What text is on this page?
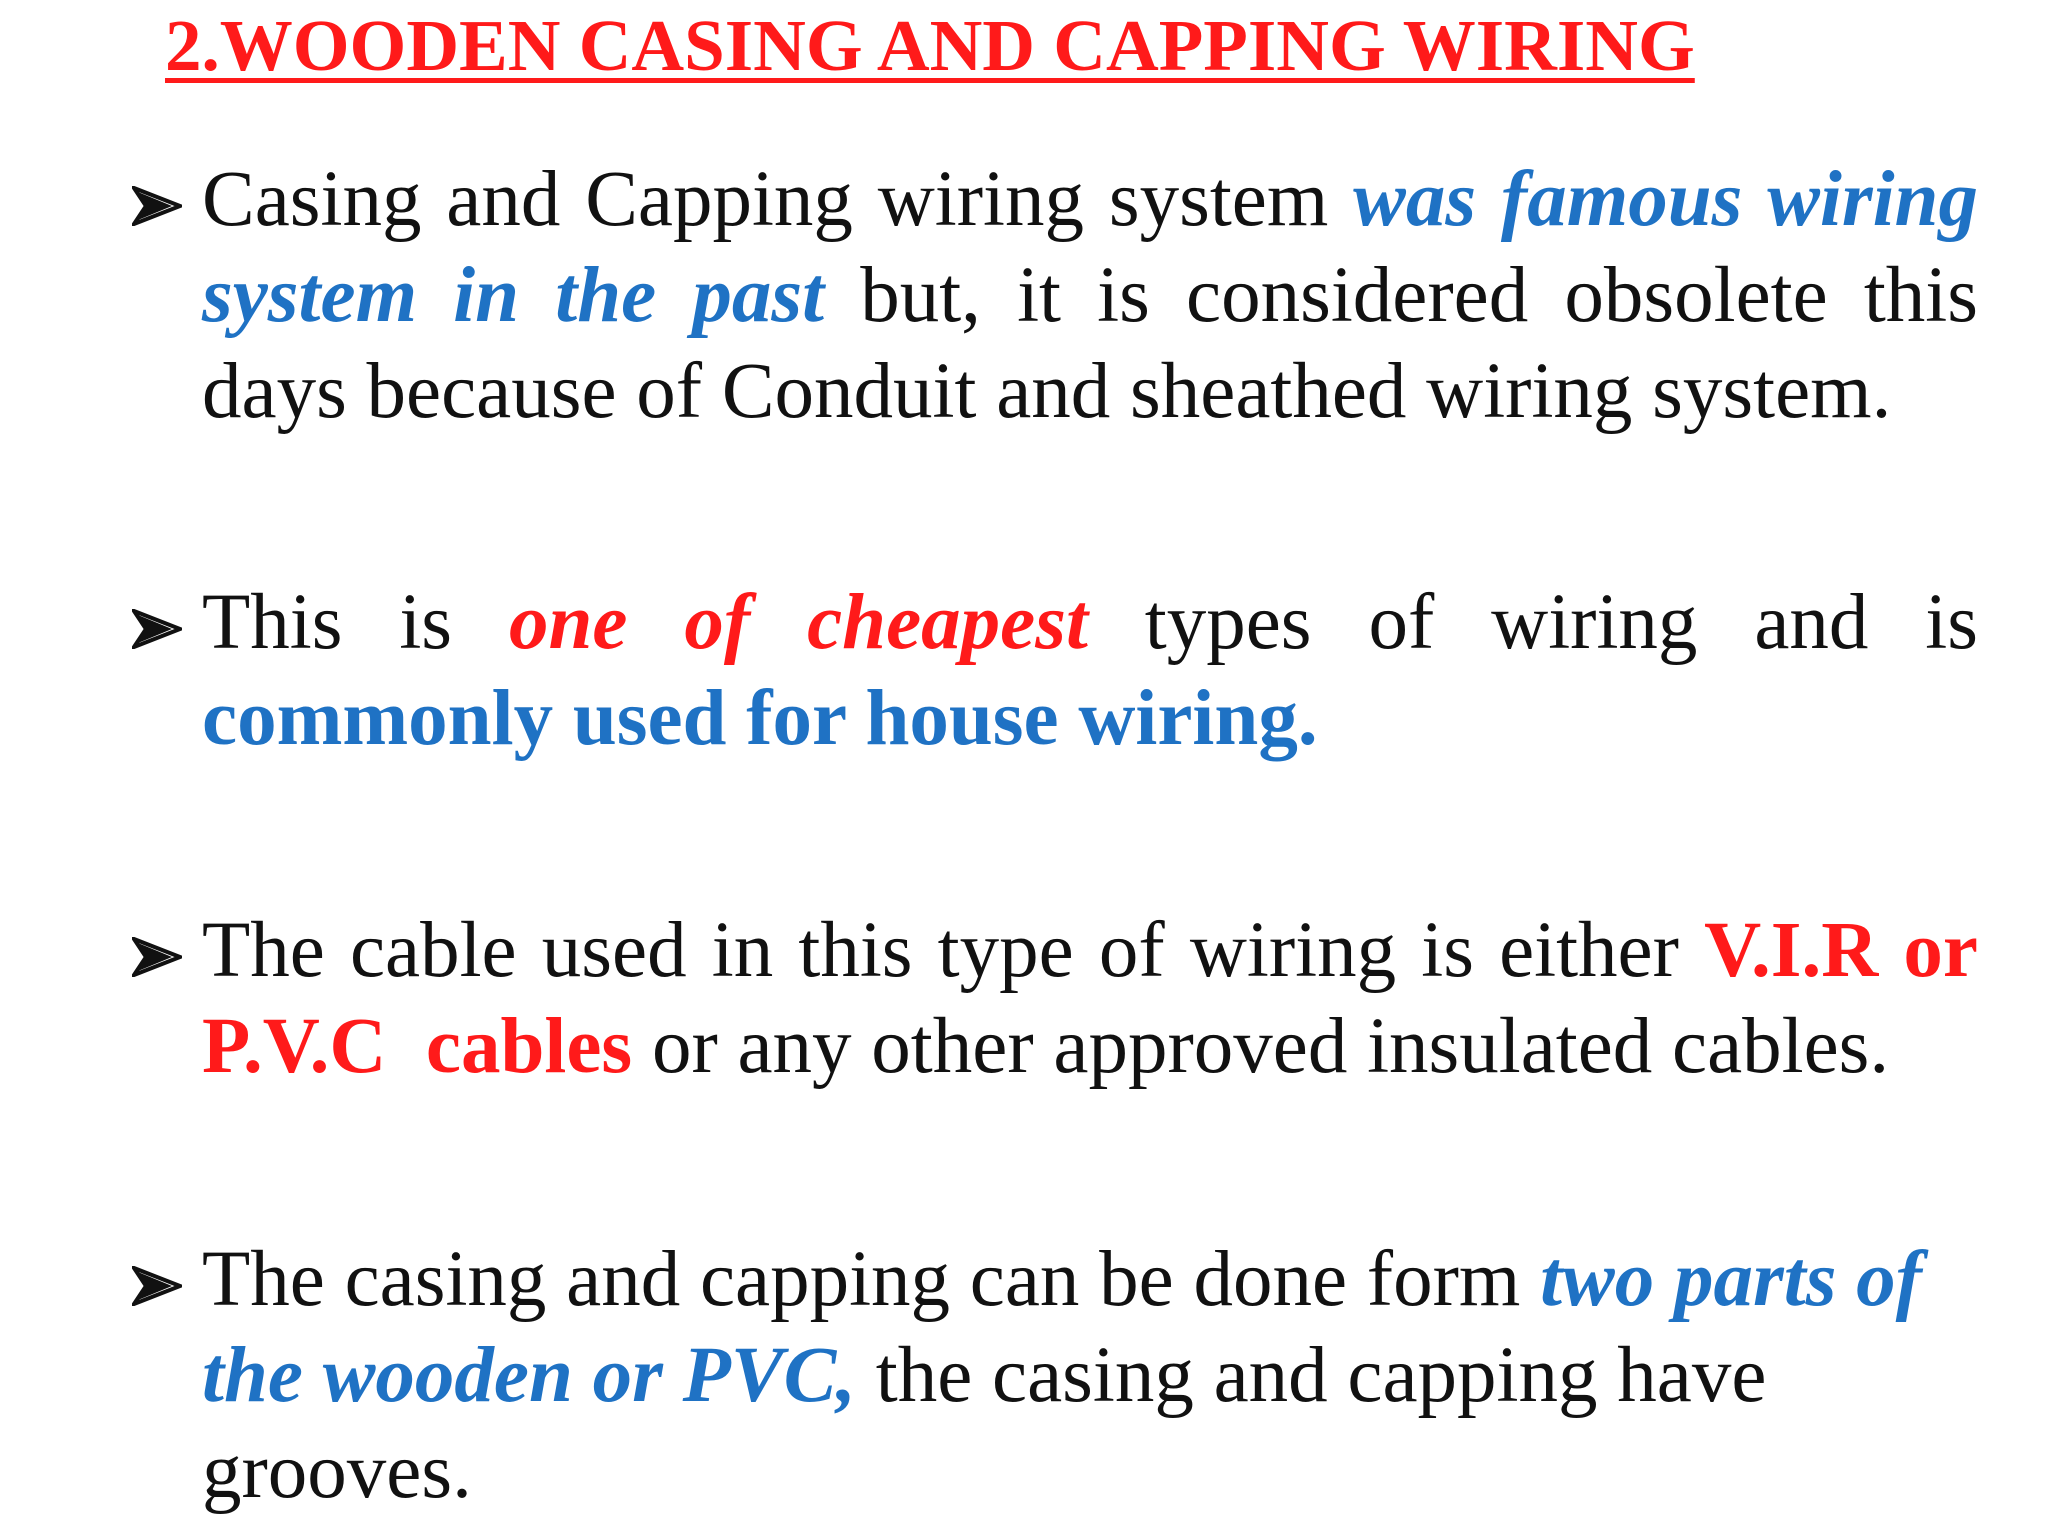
2.WOODEN CASING AND CAPPING WIRING

Casing and Capping wiring system was famous wiring system in the past but, it is considered obsolete this days because of Conduit and sheathed wiring system.

This is one of cheapest types of wiring and is commonly used for house wiring.

The cable used in this type of wiring is either V.I.R or P.V.C  cables or any other approved insulated cables.

The casing and capping can be done form two parts of the wooden or PVC, the casing and capping have grooves.
